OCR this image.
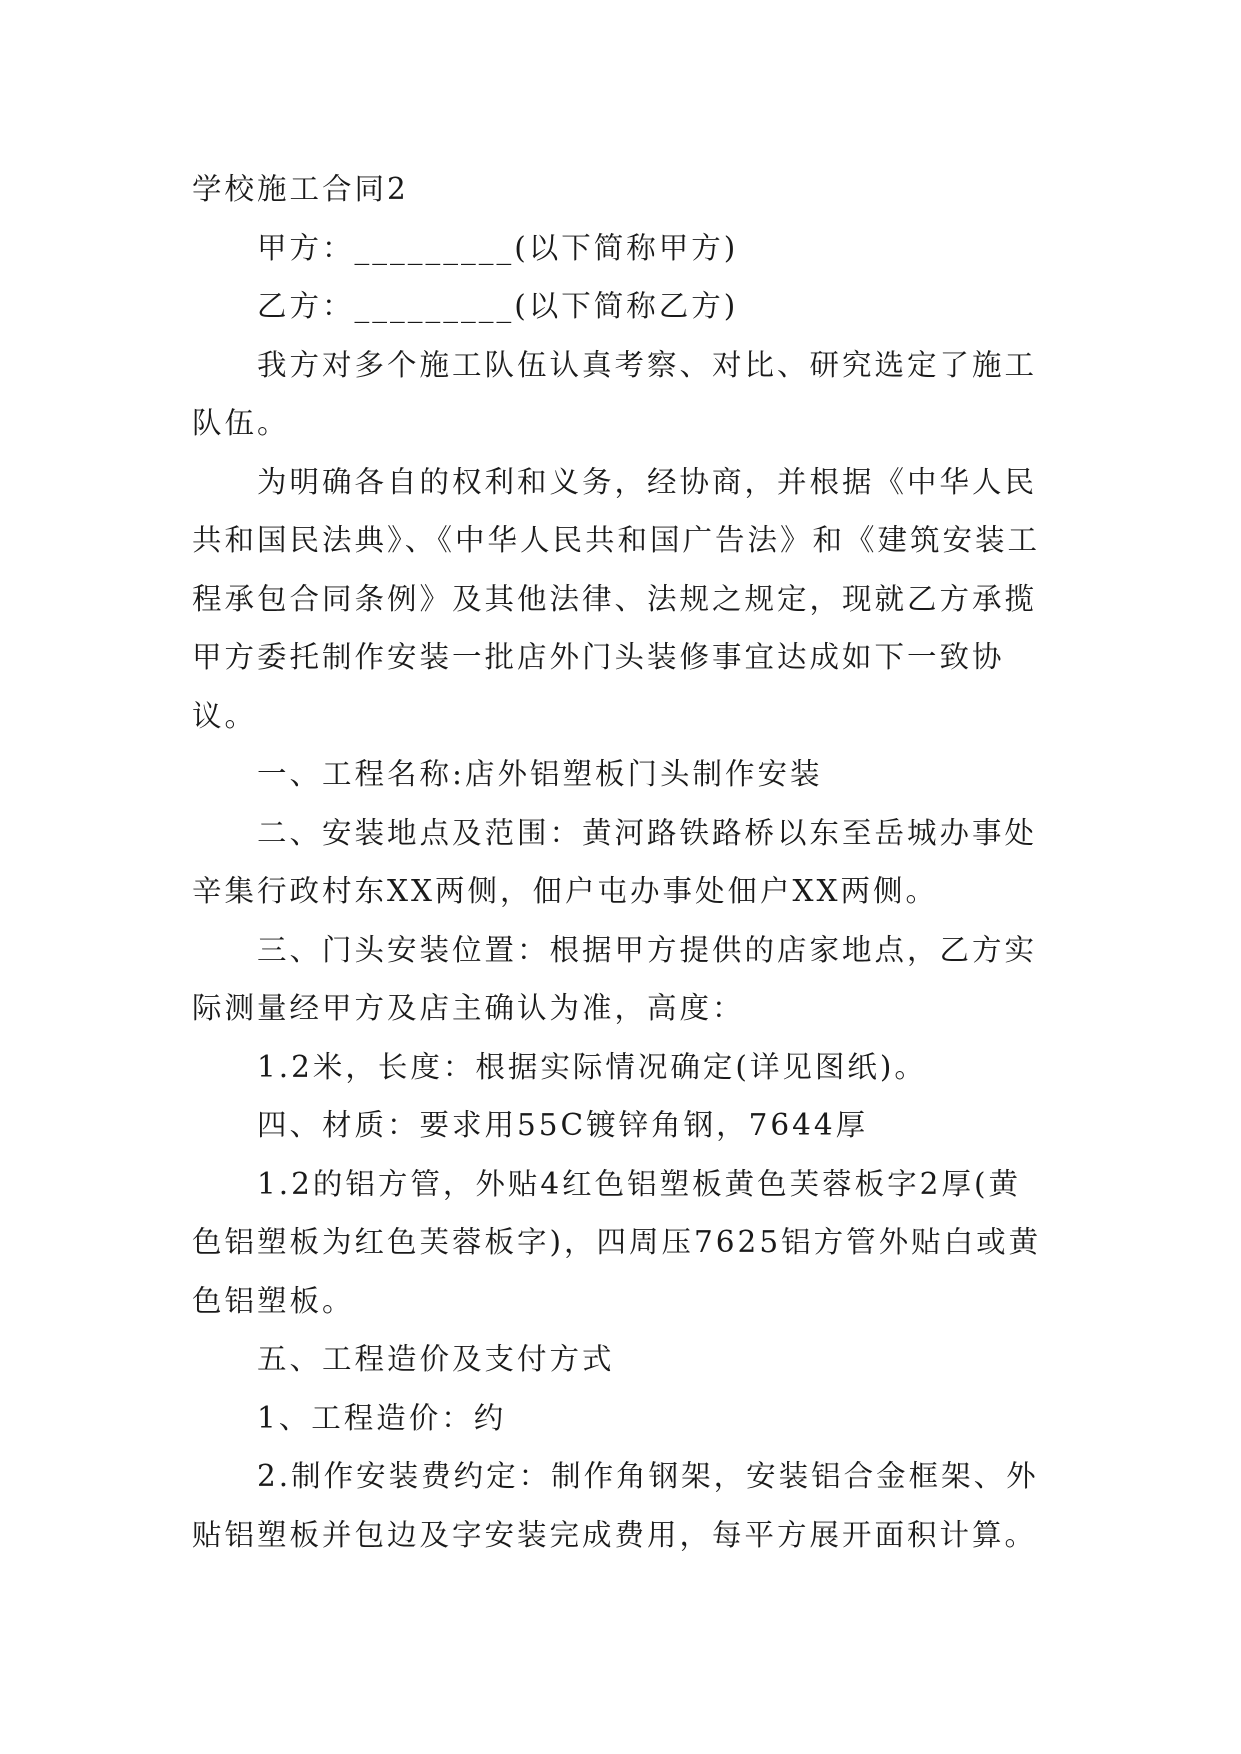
学校施工合同2

甲方：_________(以下简称甲方)

乙方：_________(以下简称乙方)

我方对多个施工队伍认真考察、对比、研究选定了施工队伍。

为明确各自的权利和义务，经协商，并根据《中华人民共和国民法典》、《中华人民共和国广告法》和《建筑安装工程承包合同条例》及其他法律、法规之规定，现就乙方承揽甲方委托制作安装一批店外门头装修事宜达成如下一致协议。

一、工程名称:店外铝塑板门头制作安装

二、安装地点及范围：黄河路铁路桥以东至岳城办事处辛集行政村东XX两侧，佃户屯办事处佃户XX两侧。

三、门头安装位置：根据甲方提供的店家地点，乙方实际测量经甲方及店主确认为准，高度：

1.2米，长度：根据实际情况确定(详见图纸)。

四、材质：要求用55C镀锌角钢，7644厚

1.2的铝方管，外贴4红色铝塑板黄色芙蓉板字2厚(黄色铝塑板为红色芙蓉板字)，四周压7625铝方管外贴白或黄色铝塑板。

五、工程造价及支付方式

1、工程造价：约

2.制作安装费约定：制作角钢架，安装铝合金框架、外贴铝塑板并包边及字安装完成费用，每平方展开面积计算。
